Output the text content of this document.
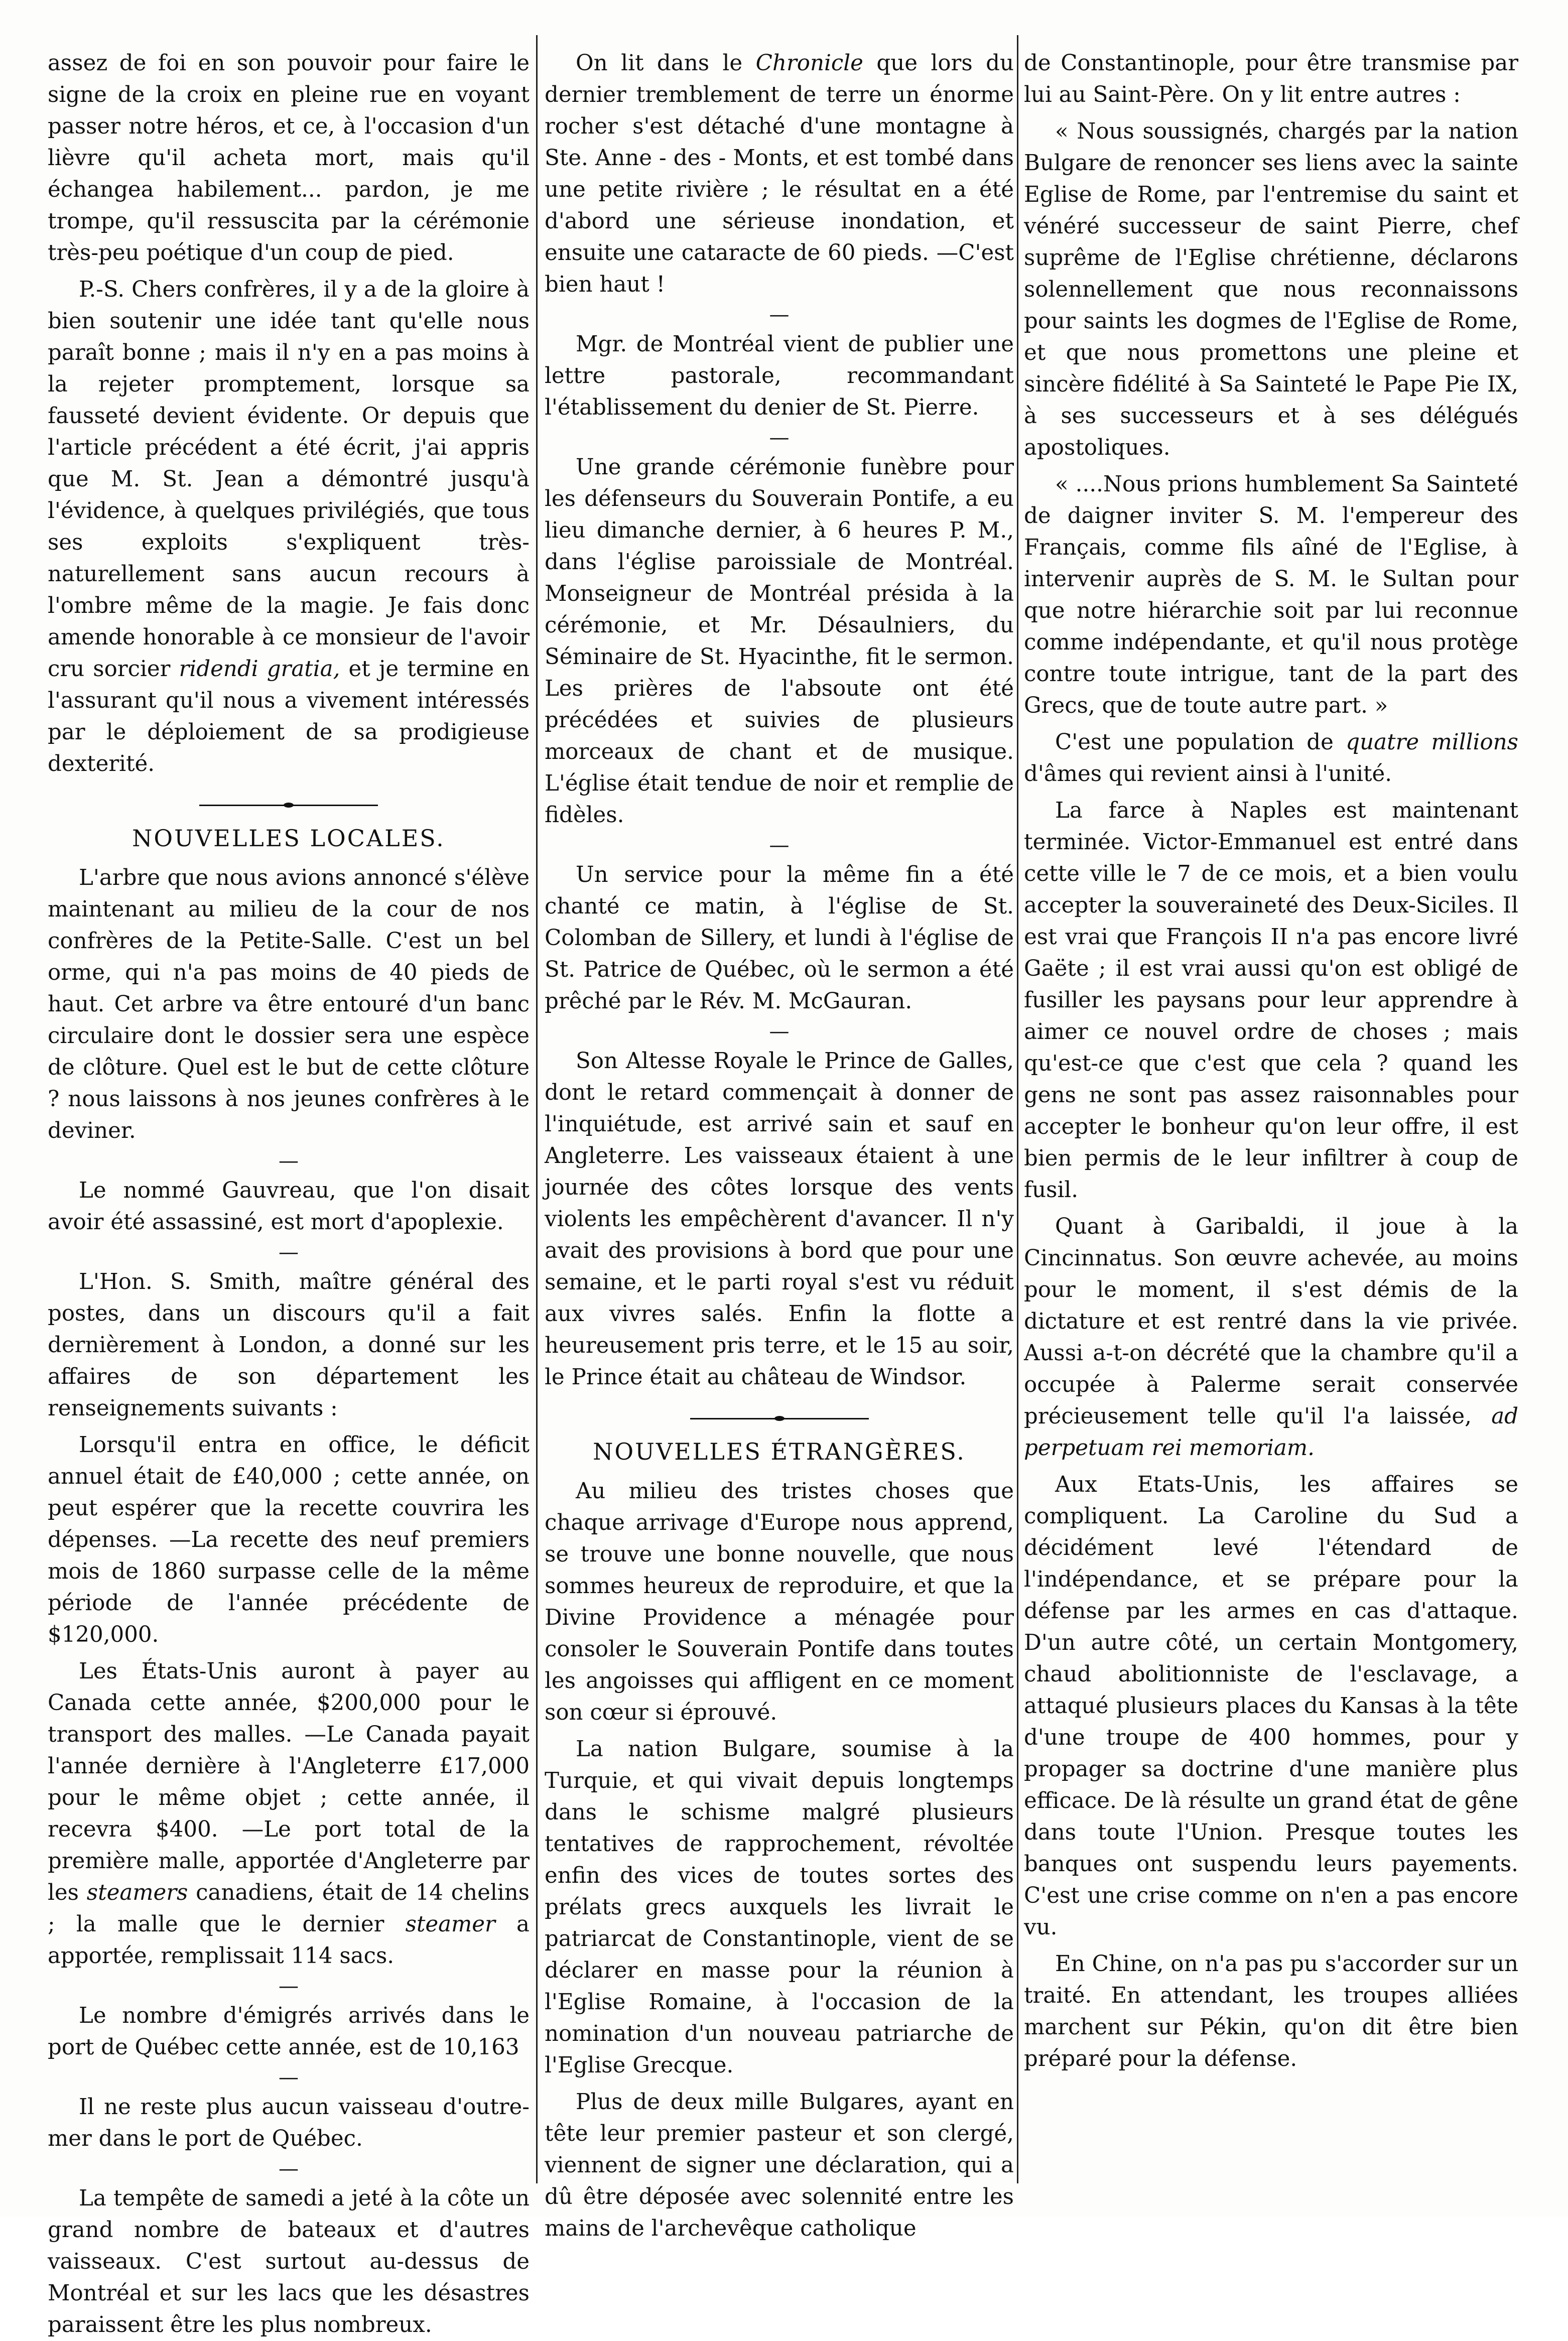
assez de foi en son pouvoir pour faire le signe de la croix en pleine rue en voyant passer notre héros, et ce, à l'occasion d'un lièvre qu'il acheta mort, mais qu'il échangea habilement... pardon, je me trompe, qu'il ressuscita par la cérémonie très-peu poétique d'un coup de pied.

P.-S. Chers confrères, il y a de la gloire à bien soutenir une idée tant qu'elle nous paraît bonne ; mais il n'y en a pas moins à la rejeter promptement, lorsque sa fausseté devient évidente. Or depuis que l'article précédent a été écrit, j'ai appris que M. St. Jean a démontré jusqu'à l'évidence, à quelques privilégiés, que tous ses exploits s'expliquent très-naturellement sans aucun recours à l'ombre même de la magie. Je fais donc amende honorable à ce monsieur de l'avoir cru sorcier ridendi gratia, et je termine en l'assurant qu'il nous a vivement intéressés par le déploiement de sa prodigieuse dexterité.

NOUVELLES LOCALES.

L'arbre que nous avions annoncé s'élève maintenant au milieu de la cour de nos confrères de la Petite-Salle. C'est un bel orme, qui n'a pas moins de 40 pieds de haut. Cet arbre va être entouré d'un banc circulaire dont le dossier sera une espèce de clôture. Quel est le but de cette clôture ? nous laissons à nos jeunes confrères à le deviner.

—

Le nommé Gauvreau, que l'on disait avoir été assassiné, est mort d'apoplexie.

—

L'Hon. S. Smith, maître général des postes, dans un discours qu'il a fait dernièrement à London, a donné sur les affaires de son département les renseignements suivants :

Lorsqu'il entra en office, le déficit annuel était de £40,000 ; cette année, on peut espérer que la recette couvrira les dépenses. —La recette des neuf premiers mois de 1860 surpasse celle de la même période de l'année précédente de $120,000.

Les États-Unis auront à payer au Canada cette année, $200,000 pour le transport des malles. —Le Canada payait l'année dernière à l'Angleterre £17,000 pour le même objet ; cette année, il recevra $400. —Le port total de la première malle, apportée d'Angleterre par les steamers canadiens, était de 14 chelins ; la malle que le dernier steamer a apportée, remplissait 114 sacs.

—

Le nombre d'émigrés arrivés dans le port de Québec cette année, est de 10,163

—

Il ne reste plus aucun vaisseau d'outre-mer dans le port de Québec.

—

La tempête de samedi a jeté à la côte un grand nombre de bateaux et d'autres vaisseaux. C'est surtout au-dessus de Montréal et sur les lacs que les désastres paraissent être les plus nombreux.

On lit dans le Chronicle que lors du dernier tremblement de terre un énorme rocher s'est détaché d'une montagne à Ste. Anne - des - Monts, et est tombé dans une petite rivière ; le résultat en a été d'abord une sérieuse inondation, et ensuite une cataracte de 60 pieds. —C'est bien haut !

—

Mgr. de Montréal vient de publier une lettre pastorale, recommandant l'établissement du denier de St. Pierre.

—

Une grande cérémonie funèbre pour les défenseurs du Souverain Pontife, a eu lieu dimanche dernier, à 6 heures P. M., dans l'église paroissiale de Montréal. Monseigneur de Montréal présida à la cérémonie, et Mr. Désaulniers, du Séminaire de St. Hyacinthe, fit le sermon. Les prières de l'absoute ont été précédées et suivies de plusieurs morceaux de chant et de musique. L'église était tendue de noir et remplie de fidèles.

—

Un service pour la même fin a été chanté ce matin, à l'église de St. Colomban de Sillery, et lundi à l'église de St. Patrice de Québec, où le sermon a été prêché par le Rév. M. McGauran.

—

Son Altesse Royale le Prince de Galles, dont le retard commençait à donner de l'inquiétude, est arrivé sain et sauf en Angleterre. Les vaisseaux étaient à une journée des côtes lorsque des vents violents les empêchèrent d'avancer. Il n'y avait des provisions à bord que pour une semaine, et le parti royal s'est vu réduit aux vivres salés. Enfin la flotte a heureusement pris terre, et le 15 au soir, le Prince était au château de Windsor.

NOUVELLES ÉTRANGÈRES.

Au milieu des tristes choses que chaque arrivage d'Europe nous apprend, se trouve une bonne nouvelle, que nous sommes heureux de reproduire, et que la Divine Providence a ménagée pour consoler le Souverain Pontife dans toutes les angoisses qui affligent en ce moment son cœur si éprouvé.

La nation Bulgare, soumise à la Turquie, et qui vivait depuis longtemps dans le schisme malgré plusieurs tentatives de rapprochement, révoltée enfin des vices de toutes sortes des prélats grecs auxquels les livrait le patriarcat de Constantinople, vient de se déclarer en masse pour la réunion à l'Eglise Romaine, à l'occasion de la nomination d'un nouveau patriarche de l'Eglise Grecque.

Plus de deux mille Bulgares, ayant en tête leur premier pasteur et son clergé, viennent de signer une déclaration, qui a dû être déposée avec solennité entre les mains de l'archevêque catholique

de Constantinople, pour être transmise par lui au Saint-Père. On y lit entre autres :

« Nous soussignés, chargés par la nation Bulgare de renoncer ses liens avec la sainte Eglise de Rome, par l'entremise du saint et vénéré successeur de saint Pierre, chef suprême de l'Eglise chrétienne, déclarons solennellement que nous reconnaissons pour saints les dogmes de l'Eglise de Rome, et que nous promettons une pleine et sincère fidélité à Sa Sainteté le Pape Pie IX, à ses successeurs et à ses délégués apostoliques.

« ....Nous prions humblement Sa Sainteté de daigner inviter S. M. l'empereur des Français, comme fils aîné de l'Eglise, à intervenir auprès de S. M. le Sultan pour que notre hiérarchie soit par lui reconnue comme indépendante, et qu'il nous protège contre toute intrigue, tant de la part des Grecs, que de toute autre part. »

C'est une population de quatre millions d'âmes qui revient ainsi à l'unité.

La farce à Naples est maintenant terminée. Victor-Emmanuel est entré dans cette ville le 7 de ce mois, et a bien voulu accepter la souveraineté des Deux-Siciles. Il est vrai que François II n'a pas encore livré Gaëte ; il est vrai aussi qu'on est obligé de fusiller les paysans pour leur apprendre à aimer ce nouvel ordre de choses ; mais qu'est-ce que c'est que cela ? quand les gens ne sont pas assez raisonnables pour accepter le bonheur qu'on leur offre, il est bien permis de le leur infiltrer à coup de fusil.

Quant à Garibaldi, il joue à la Cincinnatus. Son œuvre achevée, au moins pour le moment, il s'est démis de la dictature et est rentré dans la vie privée. Aussi a-t-on décrété que la chambre qu'il a occupée à Palerme serait conservée précieusement telle qu'il l'a laissée, ad perpetuam rei memoriam.

Aux Etats-Unis, les affaires se compliquent. La Caroline du Sud a décidément levé l'étendard de l'indépendance, et se prépare pour la défense par les armes en cas d'attaque. D'un autre côté, un certain Montgomery, chaud abolitionniste de l'esclavage, a attaqué plusieurs places du Kansas à la tête d'une troupe de 400 hommes, pour y propager sa doctrine d'une manière plus efficace. De là résulte un grand état de gêne dans toute l'Union. Presque toutes les banques ont suspendu leurs payements. C'est une crise comme on n'en a pas encore vu.

En Chine, on n'a pas pu s'accorder sur un traité. En attendant, les troupes alliées marchent sur Pékin, qu'on dit être bien préparé pour la défense.
